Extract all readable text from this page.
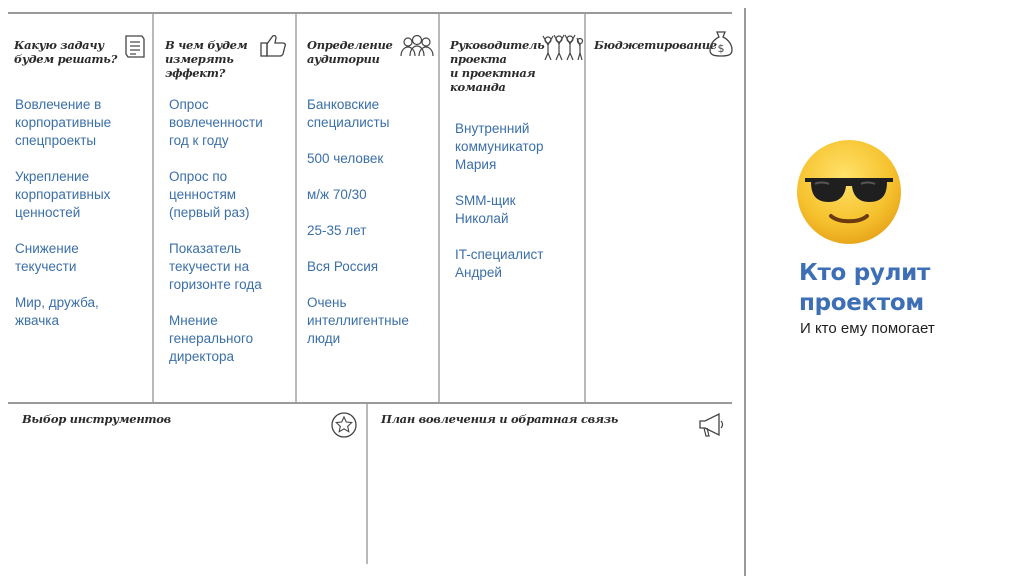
Какую задачу
будем решать?
Вовлечение в
корпоративные
спецпроекты
Укрепление
корпоративных
ценностей
Снижение
текучести
Мир, дружба,
жвачка
В чем будем
измерять
эффект?
Опрос
вовлеченности
год к году
Опрос по
ценностям
(первый раз)
Показатель
текучести на
горизонте года
Мнение
генерального
директора
Определение
аудитории
Банковские
специалисты
500 человек
м/ж 70/30
25-35 лет
Вся Россия
Очень
интеллигентные
люди
Руководитель
проекта
и проектная
команда
Внутренний
коммуникатор
Мария
SMM-щик
Николай
IT-специалист
Андрей
Бюджетирование $
Выбор инструментов	План вовлечения и обратная связь
Кто рулит
проектом
И кто ему помогает
